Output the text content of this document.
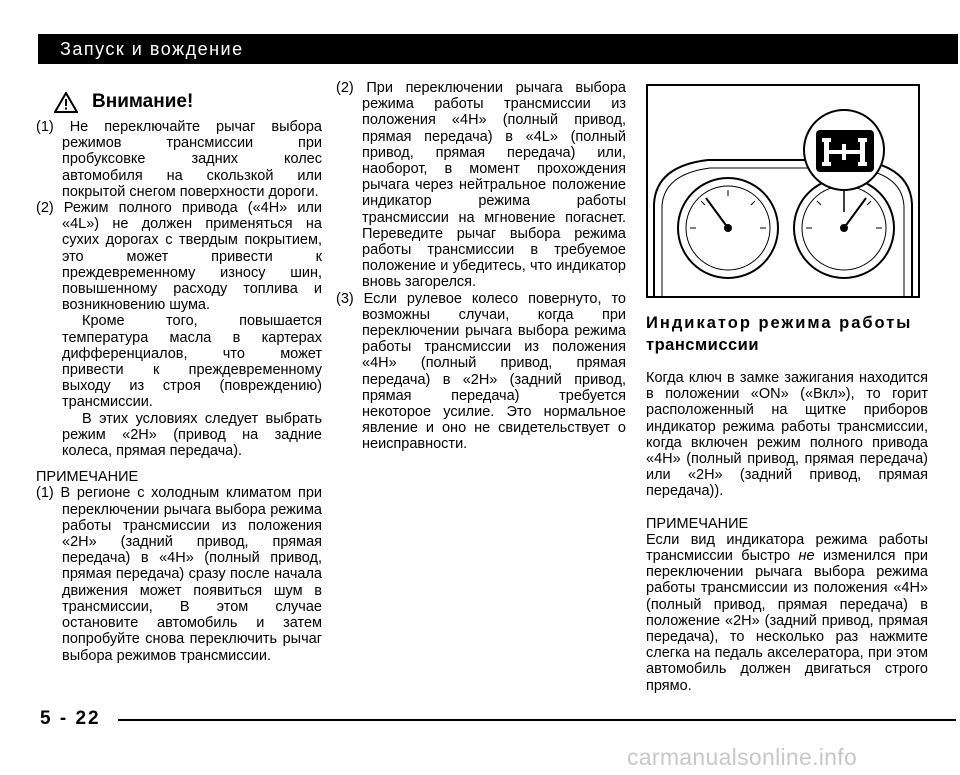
Запуск и вождение
Внимание!

(1) Не переключайте рычаг выбора режимов трансмиссии при пробуксовке задних колес автомобиля на скользкой или покрытой снегом поверхности дороги.

(2) Режим полного привода («4H» или «4L») не должен применяться на сухих дорогах с твердым покрытием, это может привести к преждевременному износу шин, повышенному расходу топлива и возникновению шума.

Кроме того, повышается температура масла в картерах дифференциалов, что может привести к преждевременному выходу из строя (повреждению) трансмиссии.

В этих условиях следует выбрать режим «2H» (привод на задние колеса, прямая передача).

ПРИМЕЧАНИЕ

(1) В регионе с холодным климатом при переключении рычага выбора режима работы трансмиссии из положения «2H» (задний привод, прямая передача) в «4H» (полный привод, прямая передача) сразу после начала движения может появиться шум в трансмиссии, В этом случае остановите автомобиль и затем попробуйте снова переключить рычаг выбора режимов трансмиссии.

(2) При переключении рычага выбора режима работы трансмиссии из положения «4H» (полный привод, прямая передача) в «4L» (полный привод, прямая передача) или, наоборот, в момент прохождения рычага через нейтральное положение индикатор режима работы трансмиссии на мгновение погаснет. Переведите рычаг выбора режима работы трансмиссии в требуемое положение и убедитесь, что индикатор вновь загорелся.

(3) Если рулевое колесо повернуто, то возможны случаи, когда при переключении рычага выбора режима работы трансмиссии из положения «4H» (полный привод, прямая передача) в «2H» (задний привод, прямая передача) требуется некоторое усилие. Это нормальное явление и оно не свидетельствует о неисправности.

Индикатор режима работы
трансмиссии

Когда ключ в замке зажигания находится в положении «ON» («Вкл»), то горит расположенный на щитке приборов индикатор режима работы трансмиссии, когда включен режим полного привода «4H» (полный привод, прямая передача) или «2H» (задний привод, прямая передача)).

ПРИМЕЧАНИЕ

Если вид индикатора режима работы трансмиссии быстро не изменился при переключении рычага выбора режима работы трансмиссии из положения «4H» (полный привод, прямая передача) в положение «2H» (задний привод, прямая передача), то несколько раз нажмите слегка на педаль акселератора, при этом автомобиль должен двигаться строго прямо.

5 - 22
carmanualsonline.info
